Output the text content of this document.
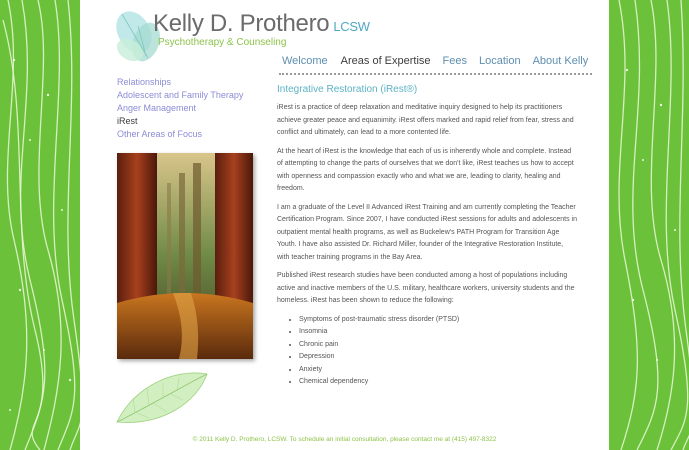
Kelly D. Prothero LCSW
Psychotherapy & Counseling
Welcome Areas of Expertise Fees Location About Kelly
Relationships
Adolescent and Family Therapy
Anger Management
iRest
Other Areas of Focus
Integrative Restoration (iRest®)

iRest is a practice of deep relaxation and meditative inquiry designed to help its practitioners achieve greater peace and equanimity. iRest offers marked and rapid relief from fear, stress and conflict and ultimately, can lead to a more contented life.

At the heart of iRest is the knowledge that each of us is inherently whole and complete. Instead of attempting to change the parts of ourselves that we don't like, iRest teaches us how to accept with openness and compassion exactly who and what we are, leading to clarity, healing and freedom.

I am a graduate of the Level II Advanced iRest Training and am currently completing the Teacher Certification Program. Since 2007, I have conducted iRest sessions for adults and adolescents in outpatient mental health programs, as well as Buckelew's PATH Program for Transition Age Youth. I have also assisted Dr. Richard Miller, founder of the Integrative Restoration Institute, with teacher training programs in the Bay Area.

Published iRest research studies have been conducted among a host of populations including active and inactive members of the U.S. military, healthcare workers, university students and the homeless. iRest has been shown to reduce the following:

• Symptoms of post-traumatic stress disorder (PTSD)
• Insomnia
• Chronic pain
• Depression
• Anxiety
• Chemical dependency
© 2011 Kelly D. Prothero, LCSW. To schedule an initial consultation, please contact me at (415) 497-8322
